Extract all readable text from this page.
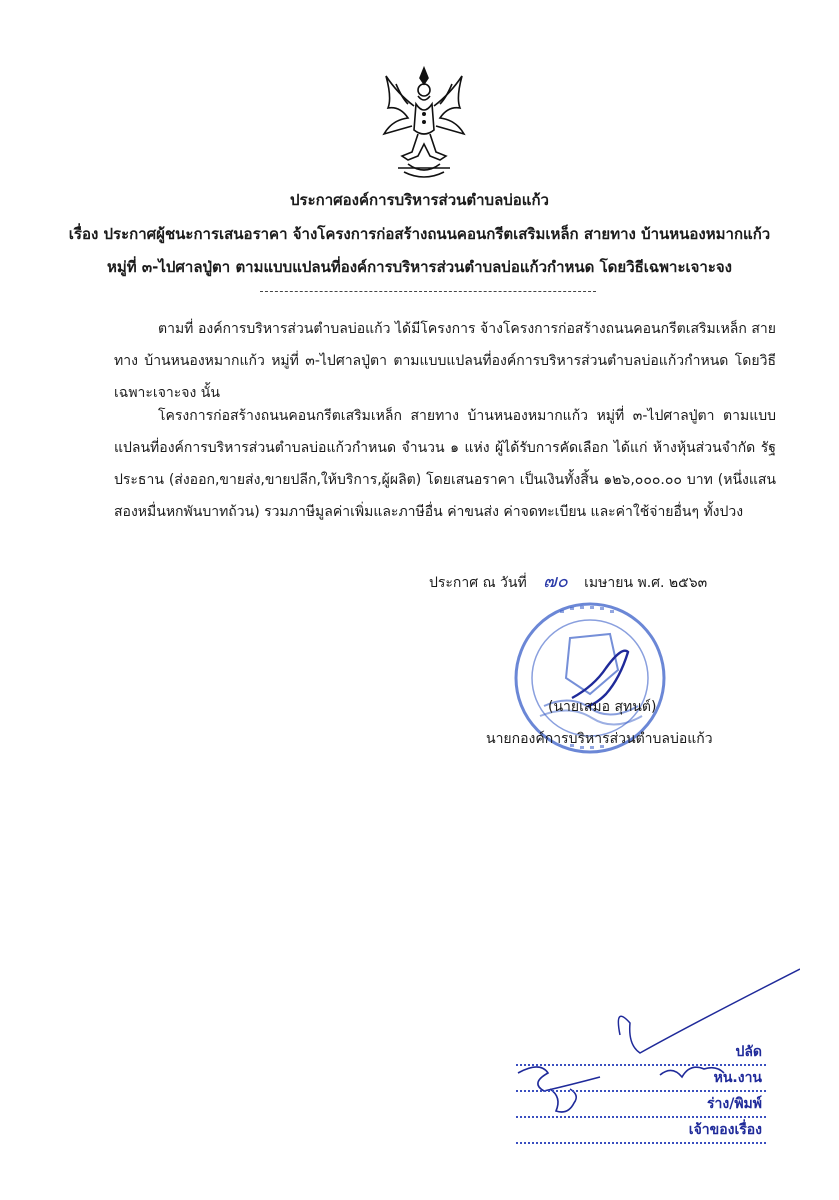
ประกาศองค์การบริหารส่วนตำบลบ่อแก้ว
เรื่อง ประกาศผู้ชนะการเสนอราคา จ้างโครงการก่อสร้างถนนคอนกรีตเสริมเหล็ก สายทาง บ้านหนองหมากแก้ว
หมู่ที่ ๓-ไปศาลปู่ตา ตามแบบแปลนที่องค์การบริหารส่วนตำบลบ่อแก้วกำหนด โดยวิธีเฉพาะเจาะจง
ตามที่ องค์การบริหารส่วนตำบลบ่อแก้ว ได้มีโครงการ จ้างโครงการก่อสร้างถนนคอนกรีตเสริมเหล็ก สายทาง บ้านหนองหมากแก้ว หมู่ที่ ๓-ไปศาลปู่ตา ตามแบบแปลนที่องค์การบริหารส่วนตำบลบ่อแก้วกำหนด โดยวิธีเฉพาะเจาะจง นั้น
โครงการก่อสร้างถนนคอนกรีตเสริมเหล็ก สายทาง บ้านหนองหมากแก้ว หมู่ที่ ๓-ไปศาลปู่ตา ตามแบบแปลนที่องค์การบริหารส่วนตำบลบ่อแก้วกำหนด จำนวน ๑ แห่ง ผู้ได้รับการคัดเลือก ได้แก่ ห้างหุ้นส่วนจำกัด รัฐประธาน (ส่งออก,ขายส่ง,ขายปลีก,ให้บริการ,ผู้ผลิต) โดยเสนอราคา เป็นเงินทั้งสิ้น ๑๒๖,๐๐๐.๐๐ บาท (หนึ่งแสนสองหมื่นหกพันบาทถ้วน) รวมภาษีมูลค่าเพิ่มและภาษีอื่น ค่าขนส่ง ค่าจดทะเบียน และค่าใช้จ่ายอื่นๆ ทั้งปวง
ประกาศ ณ วันที่ ๗๐ เมษายน พ.ศ. ๒๕๖๓
(นายเสมอ สุทนต์)
นายกองค์การบริหารส่วนตำบลบ่อแก้ว
ปลัด
หน.งาน
ร่าง/พิมพ์
เจ้าของเรื่อง
